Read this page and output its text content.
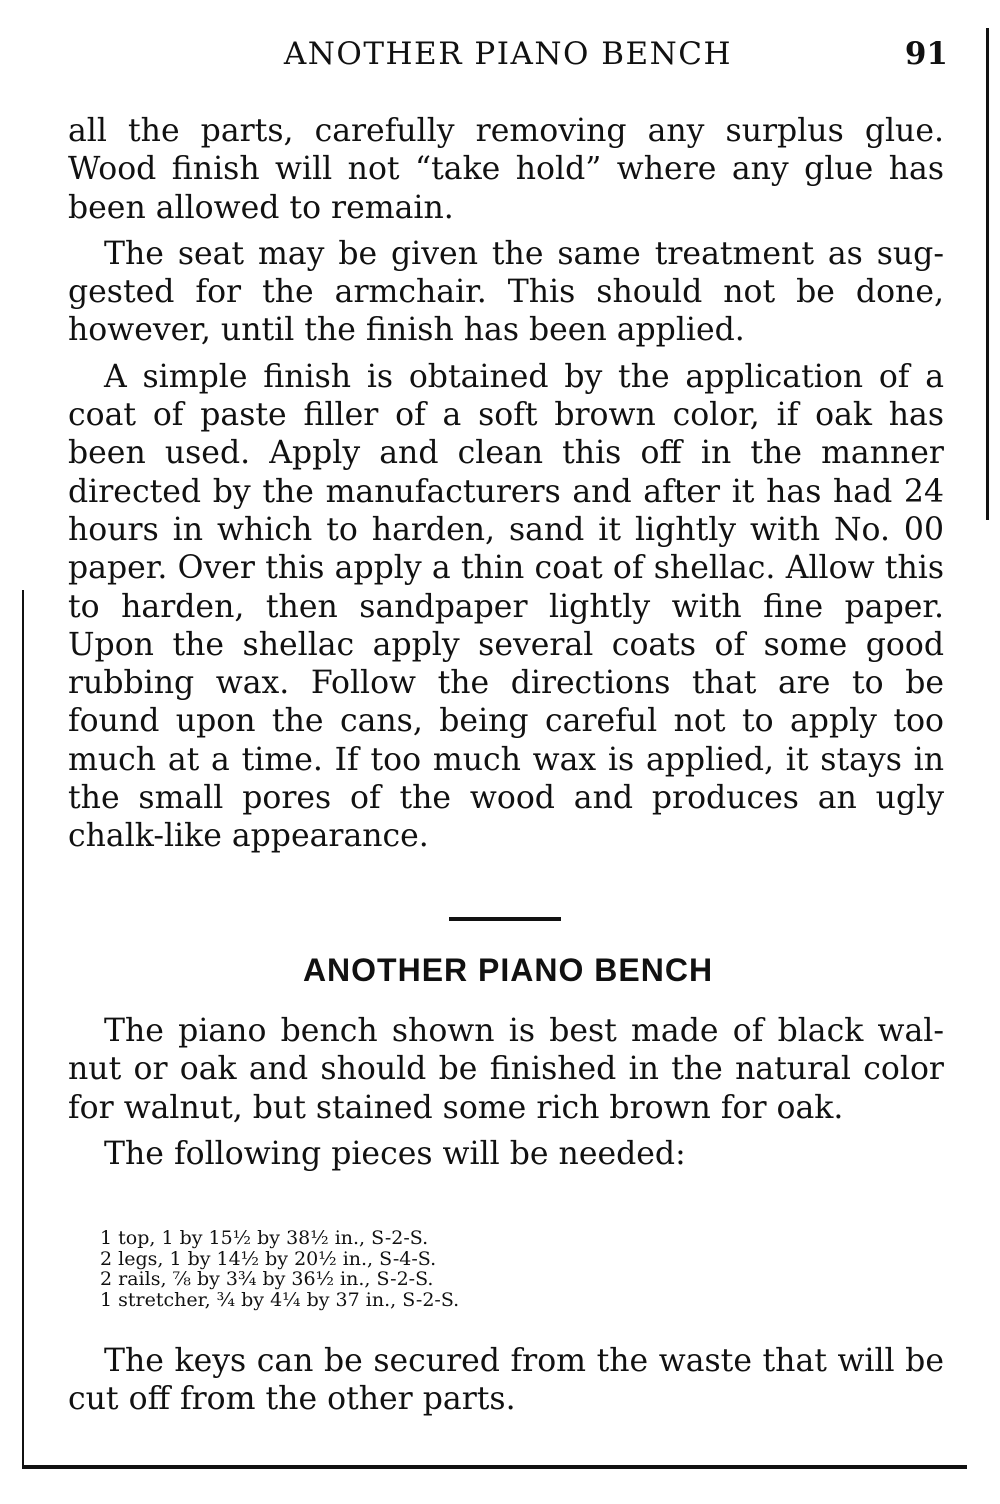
ANOTHER PIANO BENCH	91

all the parts, carefully removing any surplus glue. Wood finish will not “take hold” where any glue has been allowed to remain.

The seat may be given the same treatment as suggested for the armchair. This should not be done, however, until the finish has been applied.

A simple finish is obtained by the application of a coat of paste filler of a soft brown color, if oak has been used. Apply and clean this off in the manner directed by the manufacturers and after it has had 24 hours in which to harden, sand it lightly with No. 00 paper. Over this apply a thin coat of shellac. Allow this to harden, then sandpaper lightly with fine paper. Upon the shellac apply several coats of some good rubbing wax. Follow the directions that are to be found upon the cans, being careful not to apply too much at a time. If too much wax is applied, it stays in the small pores of the wood and produces an ugly chalk-like appearance.

ANOTHER PIANO BENCH

The piano bench shown is best made of black walnut or oak and should be finished in the natural color for walnut, but stained some rich brown for oak.

The following pieces will be needed:

1 top, 1 by 15½ by 38½ in., S-2-S.
2 legs, 1 by 14½ by 20½ in., S-4-S.
2 rails, ⅞ by 3¾ by 36½ in., S-2-S.
1 stretcher, ¾ by 4¼ by 37 in., S-2-S.

The keys can be secured from the waste that will be cut off from the other parts.
